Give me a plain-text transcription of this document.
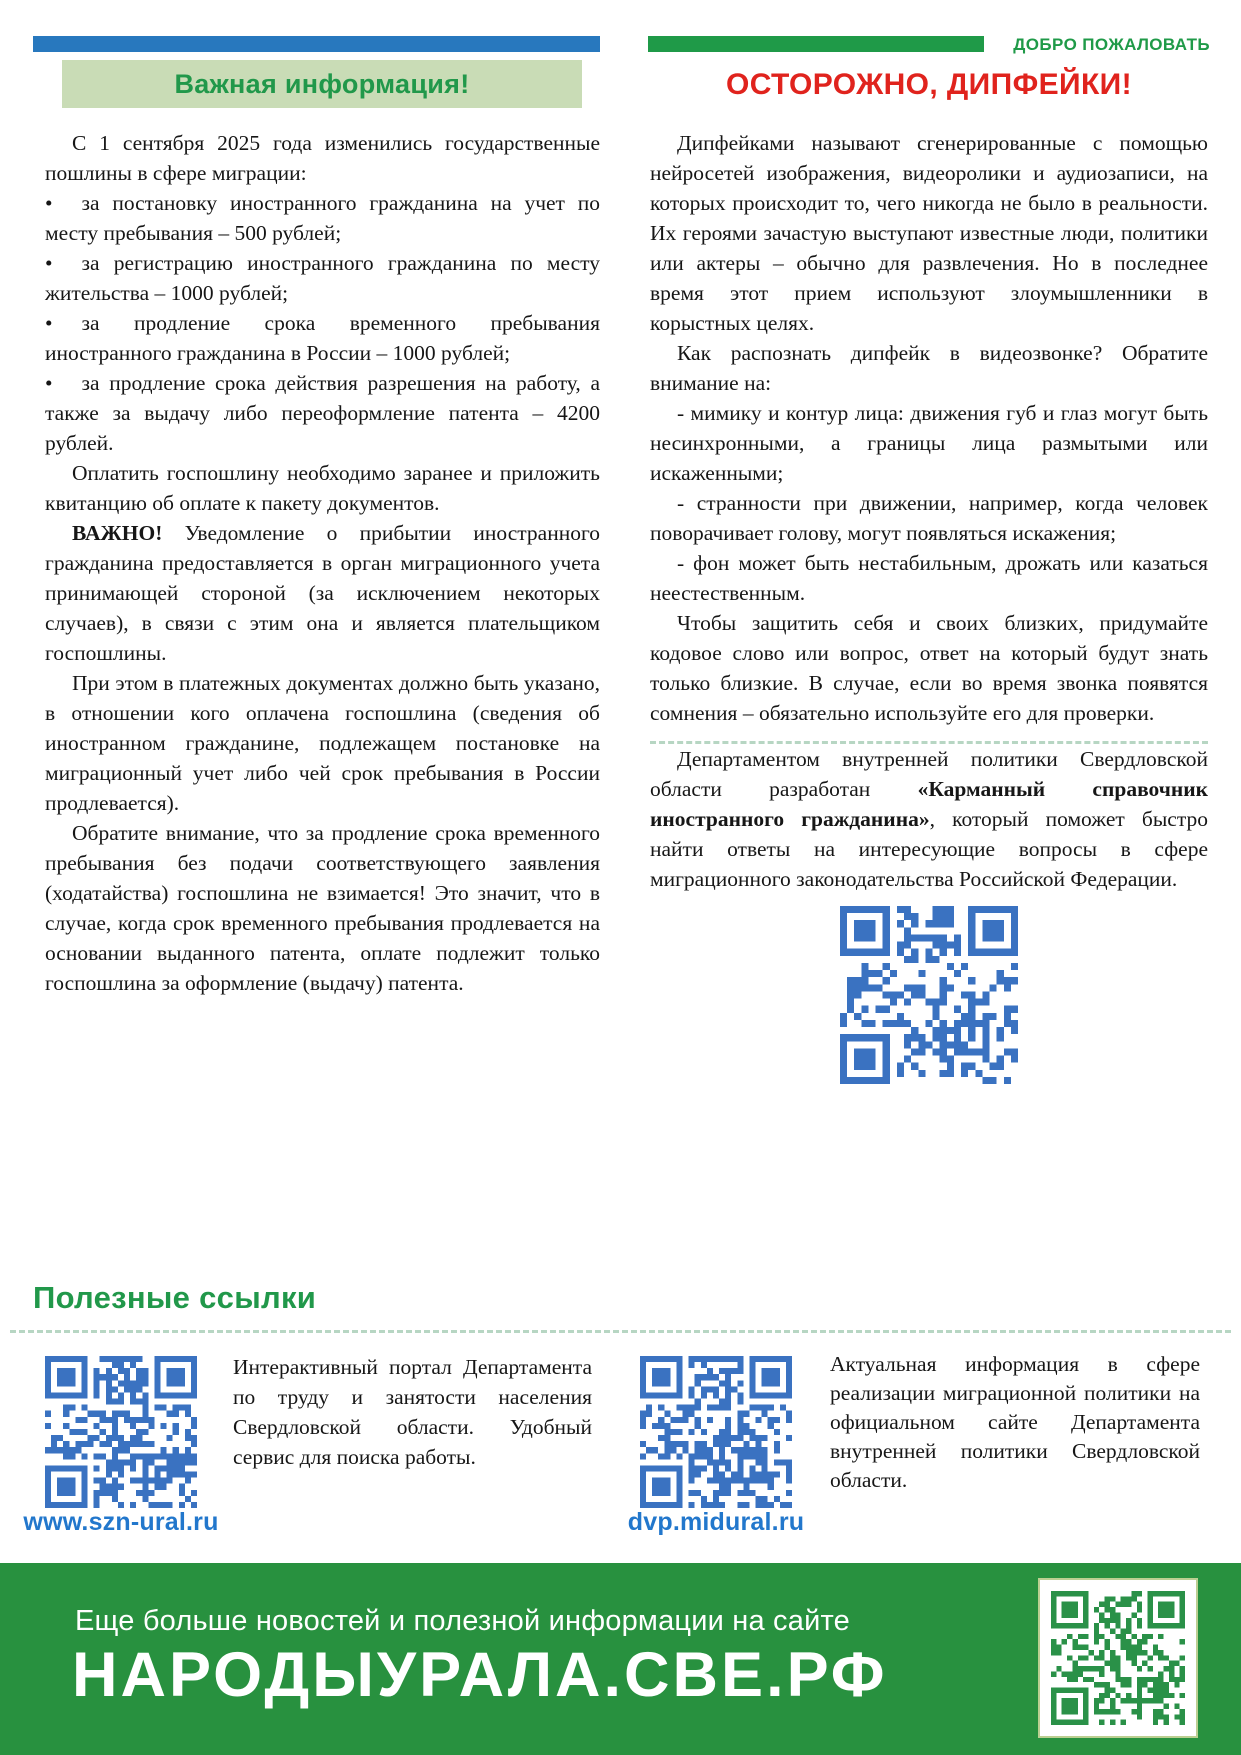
ДОБРО ПОЖАЛОВАТЬ
Важная информация!	ОСТОРОЖНО, ДИПФЕЙКИ!

С 1 сентября 2025 года изменились государственные пошлины в сфере миграции:

• за постановку иностранного гражданина на учет по месту пребывания – 500 рублей;

• за регистрацию иностранного гражданина по месту жительства – 1000 рублей;

• за продление срока временного пребывания иностранного гражданина в России – 1000 рублей;

• за продление срока действия разрешения на работу, а также за выдачу либо переоформление патента – 4200 рублей.

Оплатить госпошлину необходимо заранее и приложить квитанцию об оплате к пакету документов.

ВАЖНО! Уведомление о прибытии иностранного гражданина предоставляется в орган миграционного учета принимающей стороной (за исключением некоторых случаев), в связи с этим она и является плательщиком госпошлины.

При этом в платежных документах должно быть указано, в отношении кого оплачена госпошлина (сведения об иностранном гражданине, подлежащем постановке на миграционный учет либо чей срок пребывания в России продлевается).

Обратите внимание, что за продление срока временного пребывания без подачи соответствующего заявления (ходатайства) госпошлина не взимается! Это значит, что в случае, когда срок временного пребывания продлевается на основании выданного патента, оплате подлежит только госпошлина за оформление (выдачу) патента.

Дипфейками называют сгенерированные с помощью нейросетей изображения, видеоролики и аудиозаписи, на которых происходит то, чего никогда не было в реальности. Их героями зачастую выступают известные люди, политики или актеры – обычно для развлечения. Но в последнее время этот прием используют злоумышленники в корыстных целях.

Как распознать дипфейк в видеозвонке? Обратите внимание на:

- мимику и контур лица: движения губ и глаз могут быть несинхронными, а границы лица размытыми или искаженными;

- странности при движении, например, когда человек поворачивает голову, могут появляться искажения;

- фон может быть нестабильным, дрожать или казаться неестественным.

Чтобы защитить себя и своих близких, придумайте кодовое слово или вопрос, ответ на который будут знать только близкие. В случае, если во время звонка появятся сомнения – обязательно используйте его для проверки.

Департаментом внутренней политики Свердловской области разработан «Карманный справочник иностранного гражданина», который поможет быстро найти ответы на интересующие вопросы в сфере миграционного законодательства Российской Федерации.

Полезные ссылки
www.szn-ural.ru
Интерактивный портал Департамента по труду и занятости населения Свердловской области. Удобный сервис для поиска работы.
dvp.midural.ru
Актуальная информация в сфере реализации миграционной политики на официальном сайте Департамента внутренней политики Свердловской области.
Еще больше новостей и полезной информации на сайте
НАРОДЫУРАЛА.СВЕ.РФ
